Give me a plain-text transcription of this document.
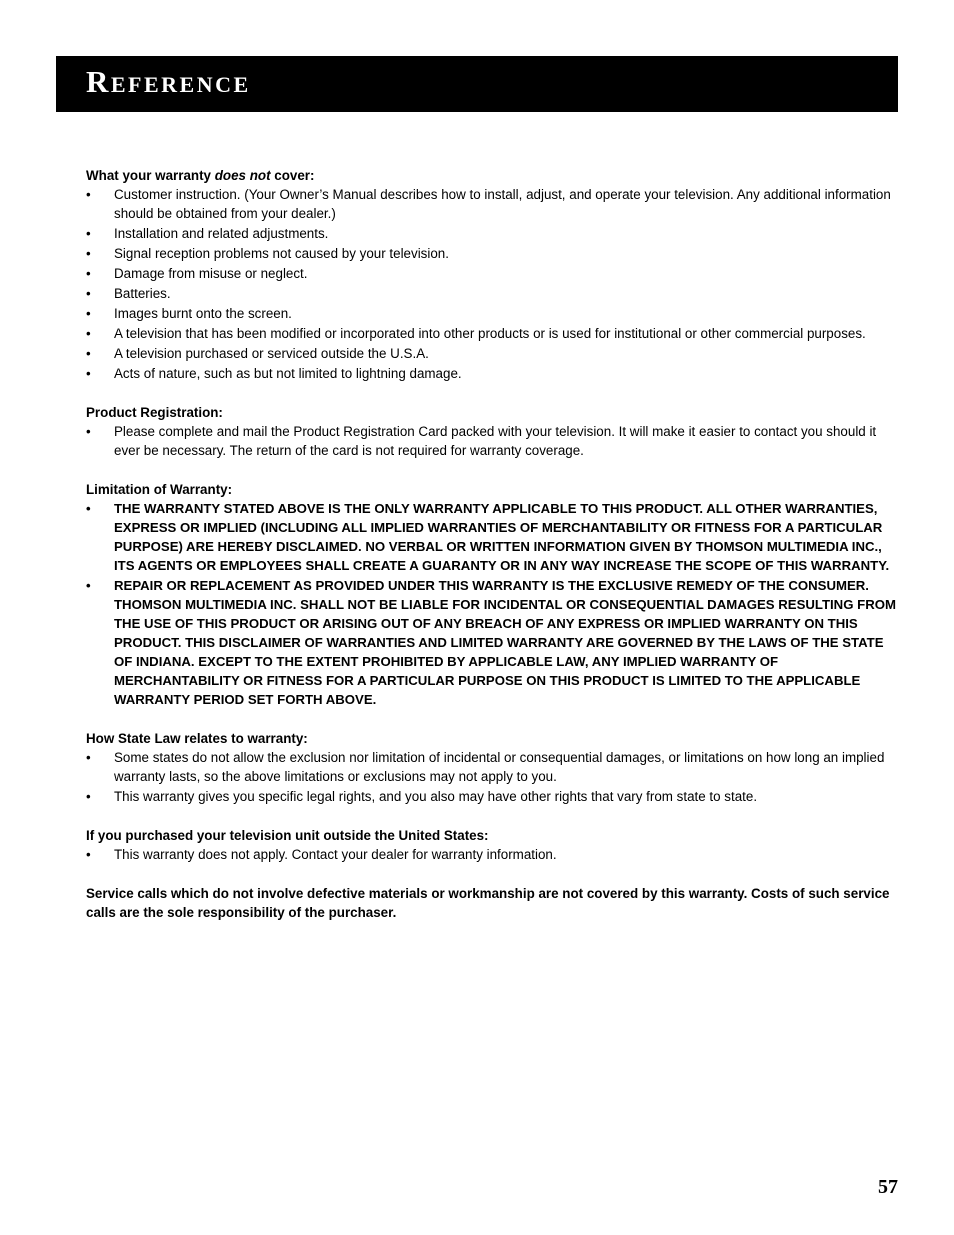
Reference

What your warranty does not cover:

• Customer instruction. (Your Owner’s Manual describes how to install, adjust, and operate your television. Any additional information should be obtained from your dealer.)
• Installation and related adjustments.
• Signal reception problems not caused by your television.
• Damage from misuse or neglect.
• Batteries.
• Images burnt onto the screen.
• A television that has been modified or incorporated into other products or is used for institutional or other commercial purposes.
• A television purchased or serviced outside the U.S.A.
• Acts of nature, such as but not limited to lightning damage.

Product Registration:

• Please complete and mail the Product Registration Card packed with your television. It will make it easier to contact you should it ever be necessary. The return of the card is not required for warranty coverage.

Limitation of Warranty:

• THE WARRANTY STATED ABOVE IS THE ONLY WARRANTY APPLICABLE TO THIS PRODUCT. ALL OTHER WARRANTIES, EXPRESS OR IMPLIED (INCLUDING ALL IMPLIED WARRANTIES OF MERCHANTABILITY OR FITNESS FOR A PARTICULAR PURPOSE) ARE HEREBY DISCLAIMED. NO VERBAL OR WRITTEN INFORMATION GIVEN BY THOMSON MULTIMEDIA INC., ITS AGENTS OR EMPLOYEES SHALL CREATE A GUARANTY OR IN ANY WAY INCREASE THE SCOPE OF THIS WARRANTY.
• REPAIR OR REPLACEMENT AS PROVIDED UNDER THIS WARRANTY IS THE EXCLUSIVE REMEDY OF THE CONSUMER. THOMSON MULTIMEDIA INC. SHALL NOT BE LIABLE FOR INCIDENTAL OR CONSEQUENTIAL DAMAGES RESULTING FROM THE USE OF THIS PRODUCT OR ARISING OUT OF ANY BREACH OF ANY EXPRESS OR IMPLIED WARRANTY ON THIS PRODUCT. THIS DISCLAIMER OF WARRANTIES AND LIMITED WARRANTY ARE GOVERNED BY THE LAWS OF THE STATE OF INDIANA. EXCEPT TO THE EXTENT PROHIBITED BY APPLICABLE LAW, ANY IMPLIED WARRANTY OF MERCHANTABILITY OR FITNESS FOR A PARTICULAR PURPOSE ON THIS PRODUCT IS LIMITED TO THE APPLICABLE WARRANTY PERIOD SET FORTH ABOVE.

How State Law relates to warranty:

• Some states do not allow the exclusion nor limitation of incidental or consequential damages, or limitations on how long an implied warranty lasts, so the above limitations or exclusions may not apply to you.
• This warranty gives you specific legal rights, and you also may have other rights that vary from state to state.

If you purchased your television unit outside the United States:

• This warranty does not apply. Contact your dealer for warranty information.

Service calls which do not involve defective materials or workmanship are not covered by this warranty. Costs of such service calls are the sole responsibility of the purchaser.

57
